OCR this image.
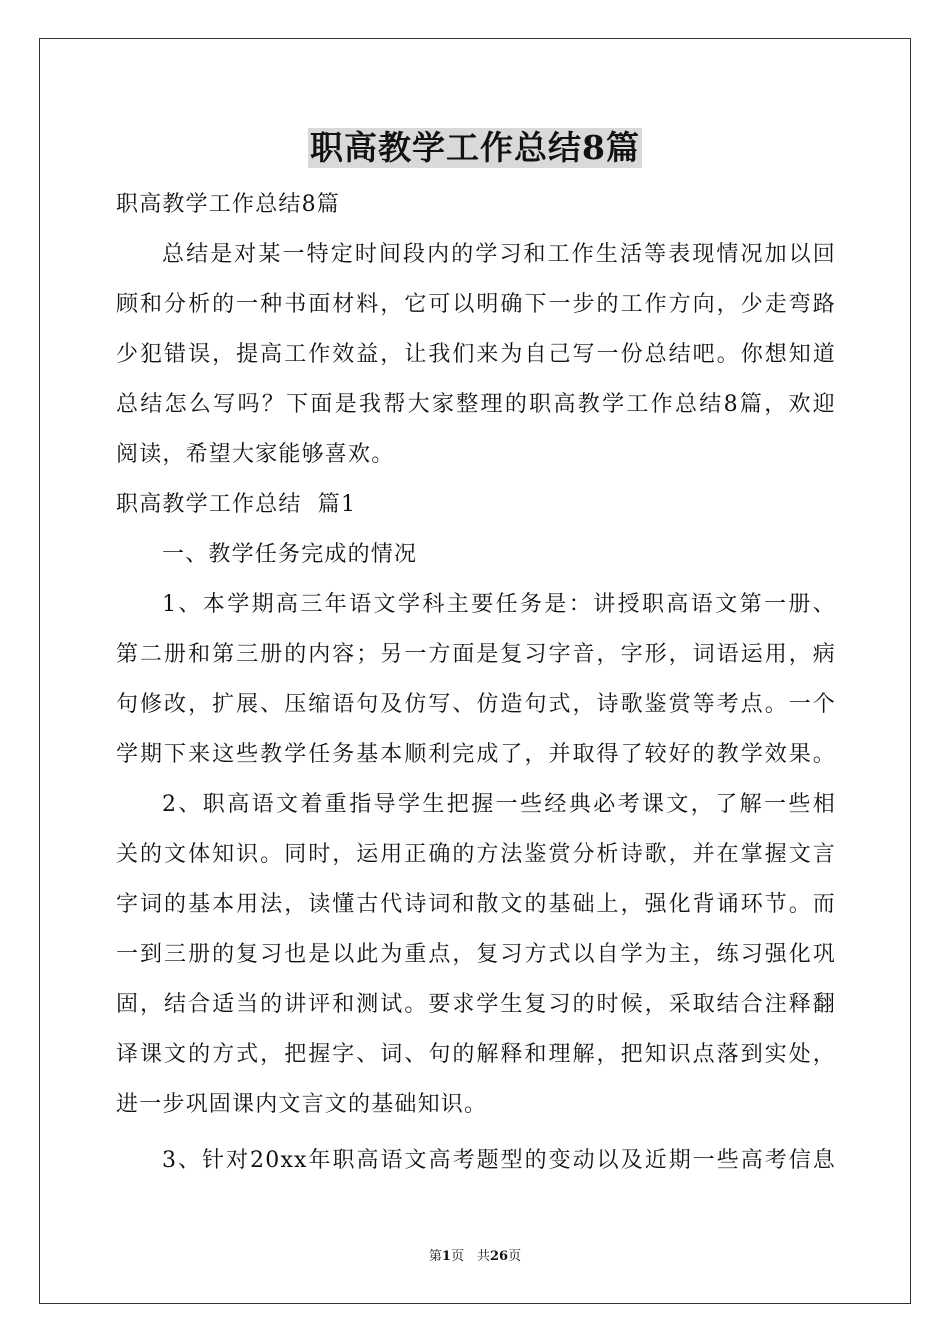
职高教学工作总结8篇
职高教学工作总结8篇
总结是对某一特定时间段内的学习和工作生活等表现情况加以回
顾和分析的一种书面材料，它可以明确下一步的工作方向，少走弯路
少犯错误，提高工作效益，让我们来为自己写一份总结吧。你想知道
总结怎么写吗？下面是我帮大家整理的职高教学工作总结8篇，欢迎
阅读，希望大家能够喜欢。
职高教学工作总结 篇1
一、教学任务完成的情况
1、本学期高三年语文学科主要任务是：讲授职高语文第一册、
第二册和第三册的内容；另一方面是复习字音，字形，词语运用，病
句修改，扩展、压缩语句及仿写、仿造句式，诗歌鉴赏等考点。一个
学期下来这些教学任务基本顺利完成了，并取得了较好的教学效果。
2、职高语文着重指导学生把握一些经典必考课文，了解一些相
关的文体知识。同时，运用正确的方法鉴赏分析诗歌，并在掌握文言
字词的基本用法，读懂古代诗词和散文的基础上，强化背诵环节。而
一到三册的复习也是以此为重点，复习方式以自学为主，练习强化巩
固，结合适当的讲评和测试。要求学生复习的时候，采取结合注释翻
译课文的方式，把握字、词、句的解释和理解，把知识点落到实处，
进一步巩固课内文言文的基础知识。
3、针对20xx年职高语文高考题型的变动以及近期一些高考信息
第1页　共26页
